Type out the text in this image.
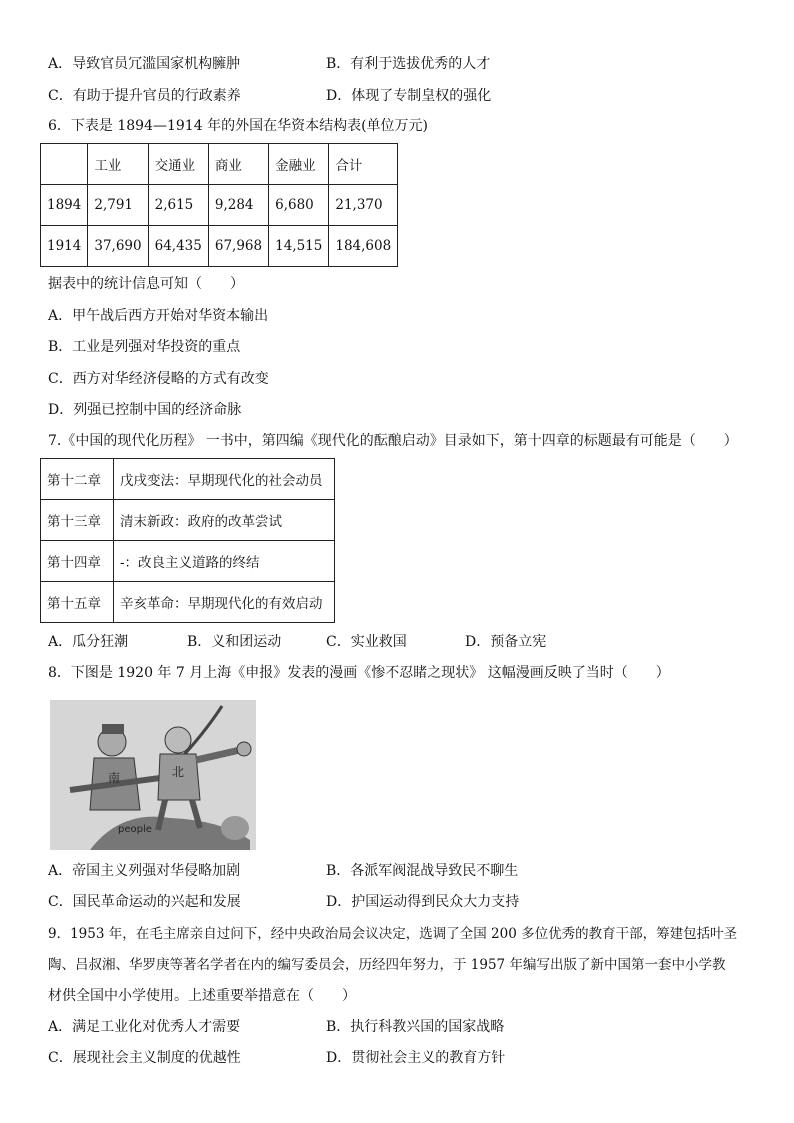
A．导致官员冗滥国家机构臃肿	B．有利于选拔优秀的人才
C．有助于提升官员的行政素养	D．体现了专制皇权的强化
6．下表是 1894—1914 年的外国在华资本结构表(单位万元)
	工业	交通业	商业	金融业	合计
1894	2,791	2,615	9,284	6,680	21,370
1914	37,690	64,435	67,968	14,515	184,608
据表中的统计信息可知（　　）
A．甲午战后西方开始对华资本输出
B．工业是列强对华投资的重点
C．西方对华经济侵略的方式有改变
D．列强已控制中国的经济命脉
7.《中国的现代化历程》 一书中，第四编《现代化的酝酿启动》目录如下，第十四章的标题最有可能是（　　）
第十二章	戊戌变法：早期现代化的社会动员
第十三章	清末新政：政府的改革尝试
第十四章	-：改良主义道路的终结
第十五章	辛亥革命：早期现代化的有效启动
A．瓜分狂潮	B．义和团运动	C．实业救国	D．预备立宪
8．下图是 1920 年 7 月上海《申报》发表的漫画《惨不忍睹之现状》 这幅漫画反映了当时（　　）
南	北
people
A．帝国主义列强对华侵略加剧	B．各派军阀混战导致民不聊生
C．国民革命运动的兴起和发展	D．护国运动得到民众大力支持
9．1953 年，在毛主席亲自过问下，经中央政治局会议决定，选调了全国 200 多位优秀的教育干部，筹建包括叶圣
陶、吕叔湘、华罗庚等著名学者在内的编写委员会，历经四年努力，于 1957 年编写出版了新中国第一套中小学教
材供全国中小学使用。上述重要举措意在（　　）
A．满足工业化对优秀人才需要	B．执行科教兴国的国家战略
C．展现社会主义制度的优越性	D．贯彻社会主义的教育方针
